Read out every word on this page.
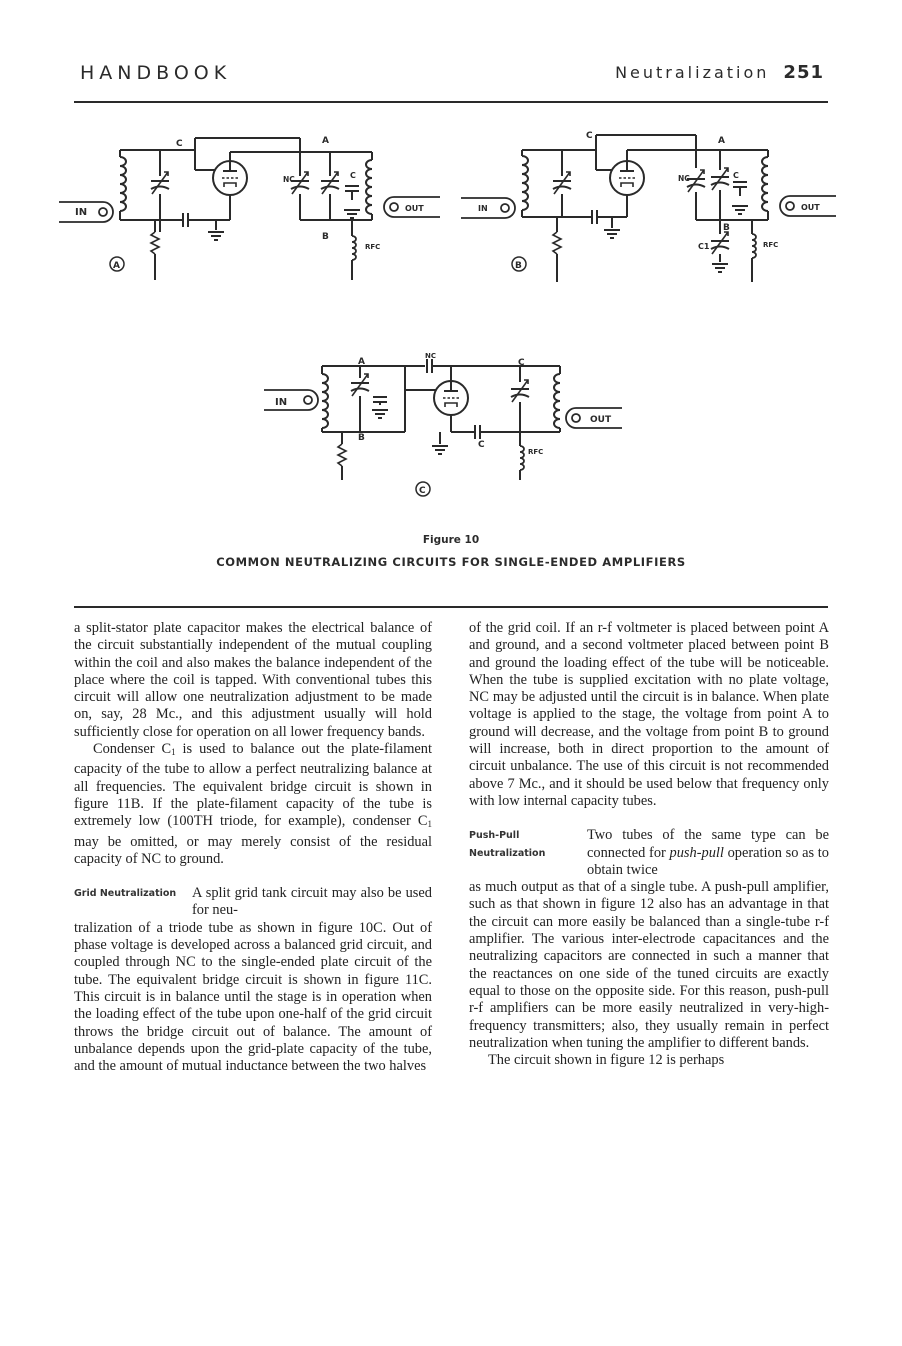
HANDBOOK	Neutralization 251
C	A
NC	C
B
RFC
IN	OUT
A
C	A
NC	C
B
C1	RFC
IN	OUT
B
A
NC
C
B
C
RFC
IN
OUT
C
Figure 10
COMMON NEUTRALIZING CIRCUITS FOR SINGLE-ENDED AMPLIFIERS

a split-stator plate capacitor makes the electrical balance of the circuit substantially independent of the mutual coupling within the coil and also makes the balance independent of the place where the coil is tapped. With conventional tubes this circuit will allow one neutralization adjustment to be made on, say, 28 Mc., and this adjustment usually will hold sufficiently close for operation on all lower frequency bands.

Condenser $C_1$ is used to balance out the plate-filament capacity of the tube to allow a perfect neutralizing balance at all frequencies. The equivalent bridge circuit is shown in figure 11B. If the plate-filament capacity of the tube is extremely low (100TH triode, for example), condenser $C_1$ may be omitted, or may merely consist of the residual capacity of NC to ground.

Grid Neutralization	A split grid tank circuit may also be used for neu-
tralization of a triode tube as shown in figure 10C. Out of phase voltage is developed across a balanced grid circuit, and coupled through NC to the single-ended plate circuit of the tube. The equivalent bridge circuit is shown in figure 11C. This circuit is in balance until the stage is in operation when the loading effect of the tube upon one-half of the grid circuit throws the bridge circuit out of balance. The amount of unbalance depends upon the grid-plate capacity of the tube, and the amount of mutual inductance between the two halves

of the grid coil. If an r-f voltmeter is placed between point A and ground, and a second voltmeter placed between point B and ground the loading effect of the tube will be noticeable. When the tube is supplied excitation with no plate voltage, NC may be adjusted until the circuit is in balance. When plate voltage is applied to the stage, the voltage from point A to ground will decrease, and the voltage from point B to ground will increase, both in direct proportion to the amount of circuit unbalance. The use of this circuit is not recommended above 7 Mc., and it should be used below that frequency only with low internal capacity tubes.

Push-Pull
Neutralization

Two tubes of the same type can be connected for push-pull operation so as to obtain twice
as much output as that of a single tube. A push-pull amplifier, such as that shown in figure 12 also has an advantage in that the circuit can more easily be balanced than a single-tube r-f amplifier. The various inter-electrode capacitances and the neutralizing capacitors are connected in such a manner that the reactances on one side of the tuned circuits are exactly equal to those on the opposite side. For this reason, push-pull r-f amplifiers can be more easily neutralized in very-high-frequency transmitters; also, they usually remain in perfect neutralization when tuning the amplifier to different bands.

The circuit shown in figure 12 is perhaps
